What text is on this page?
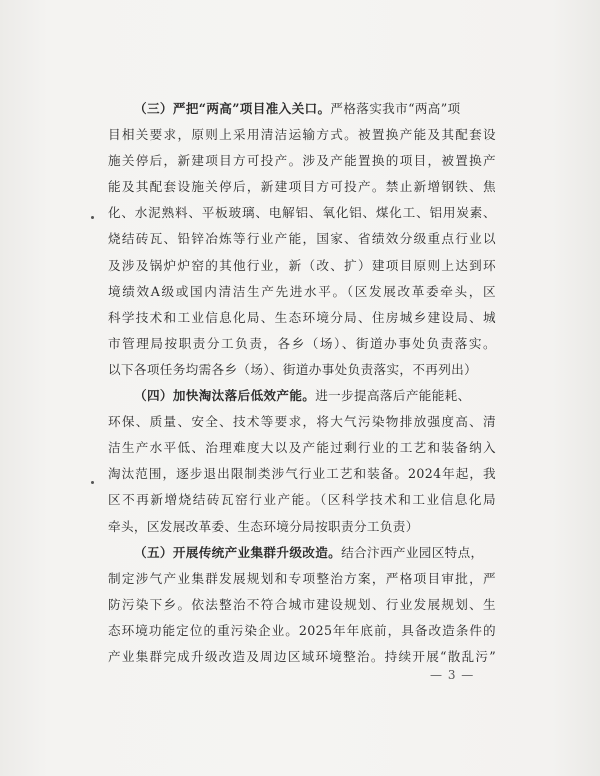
（三）严把“两高”项目准入关口。严格落实我市“两高”项
目相关要求，原则上采用清洁运输方式。被置换产能及其配套设
施关停后，新建项目方可投产。涉及产能置换的项目，被置换产
能及其配套设施关停后，新建项目方可投产。禁止新增钢铁、焦
化、水泥熟料、平板玻璃、电解铝、氧化铝、煤化工、铝用炭素、
烧结砖瓦、铅锌冶炼等行业产能，国家、省绩效分级重点行业以
及涉及锅炉炉窑的其他行业，新（改、扩）建项目原则上达到环
境绩效A级或国内清洁生产先进水平。（区发展改革委牵头，区
科学技术和工业信息化局、生态环境分局、住房城乡建设局、城
市管理局按职责分工负责，各乡（场）、街道办事处负责落实。
以下各项任务均需各乡（场）、街道办事处负责落实，不再列出）
（四）加快淘汰落后低效产能。进一步提高落后产能能耗、
环保、质量、安全、技术等要求，将大气污染物排放强度高、清
洁生产水平低、治理难度大以及产能过剩行业的工艺和装备纳入
淘汰范围，逐步退出限制类涉气行业工艺和装备。2024年起，我
区不再新增烧结砖瓦窑行业产能。（区科学技术和工业信息化局
牵头，区发展改革委、生态环境分局按职责分工负责）
（五）开展传统产业集群升级改造。结合汴西产业园区特点，
制定涉气产业集群发展规划和专项整治方案，严格项目审批，严
防污染下乡。依法整治不符合城市建设规划、行业发展规划、生
态环境功能定位的重污染企业。2025年年底前，具备改造条件的
产业集群完成升级改造及周边区域环境整治。持续开展“散乱污”
— 3 —
